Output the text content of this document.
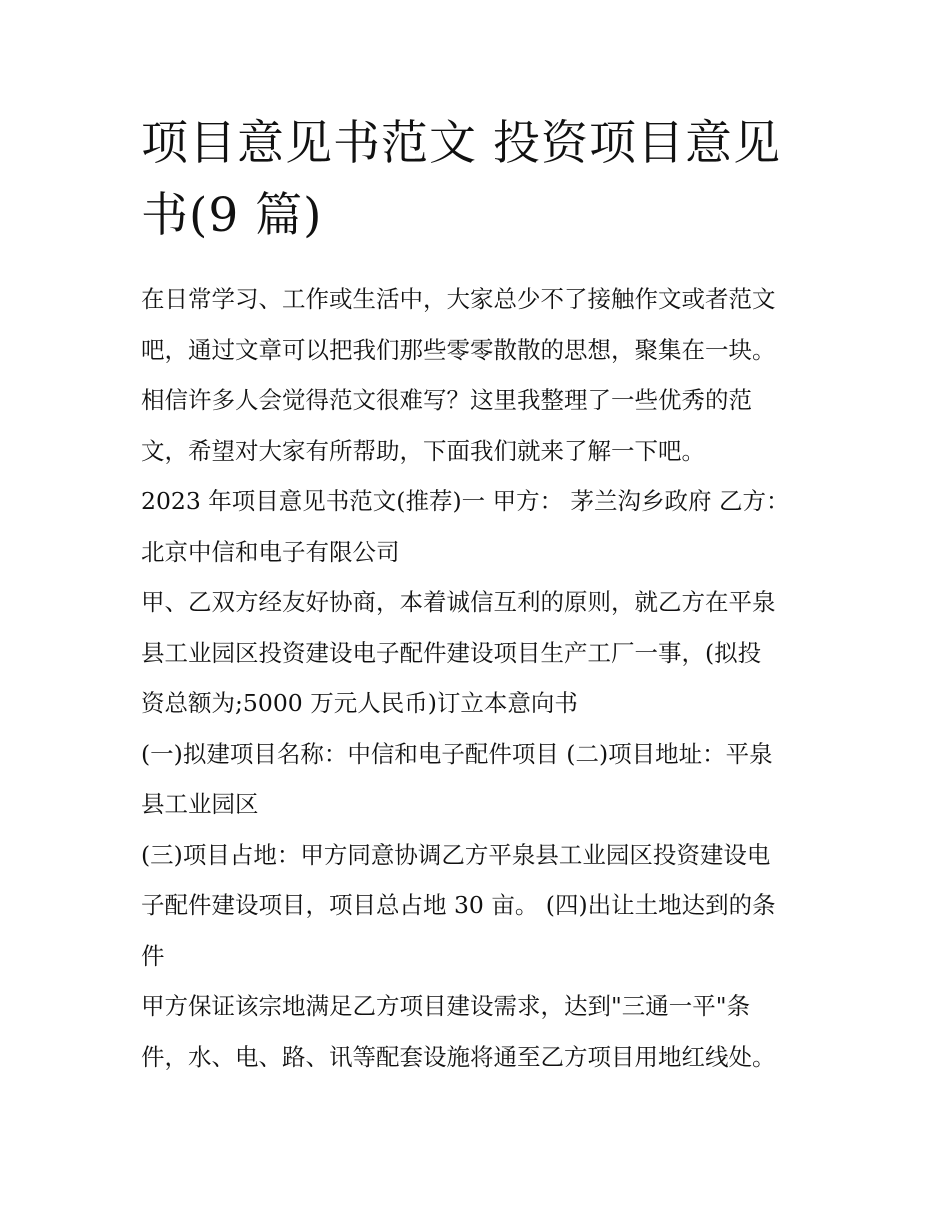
项目意见书范文 投资项目意见
书(9 篇)

在日常学习、工作或生活中，大家总少不了接触作文或者范文
吧，通过文章可以把我们那些零零散散的思想，聚集在一块。
相信许多人会觉得范文很难写？这里我整理了一些优秀的范
文，希望对大家有所帮助，下面我们就来了解一下吧。

2023 年项目意见书范文(推荐)一 甲方： 茅兰沟乡政府 乙方：
北京中信和电子有限公司

甲、乙双方经友好协商，本着诚信互利的原则，就乙方在平泉
县工业园区投资建设电子配件建设项目生产工厂一事，(拟投
资总额为;5000 万元人民币)订立本意向书

(一)拟建项目名称：中信和电子配件项目 (二)项目地址：平泉
县工业园区

(三)项目占地：甲方同意协调乙方平泉县工业园区投资建设电
子配件建设项目，项目总占地 30 亩。 (四)出让土地达到的条
件

甲方保证该宗地满足乙方项目建设需求，达到"三通一平"条
件，水、电、路、讯等配套设施将通至乙方项目用地红线处。
